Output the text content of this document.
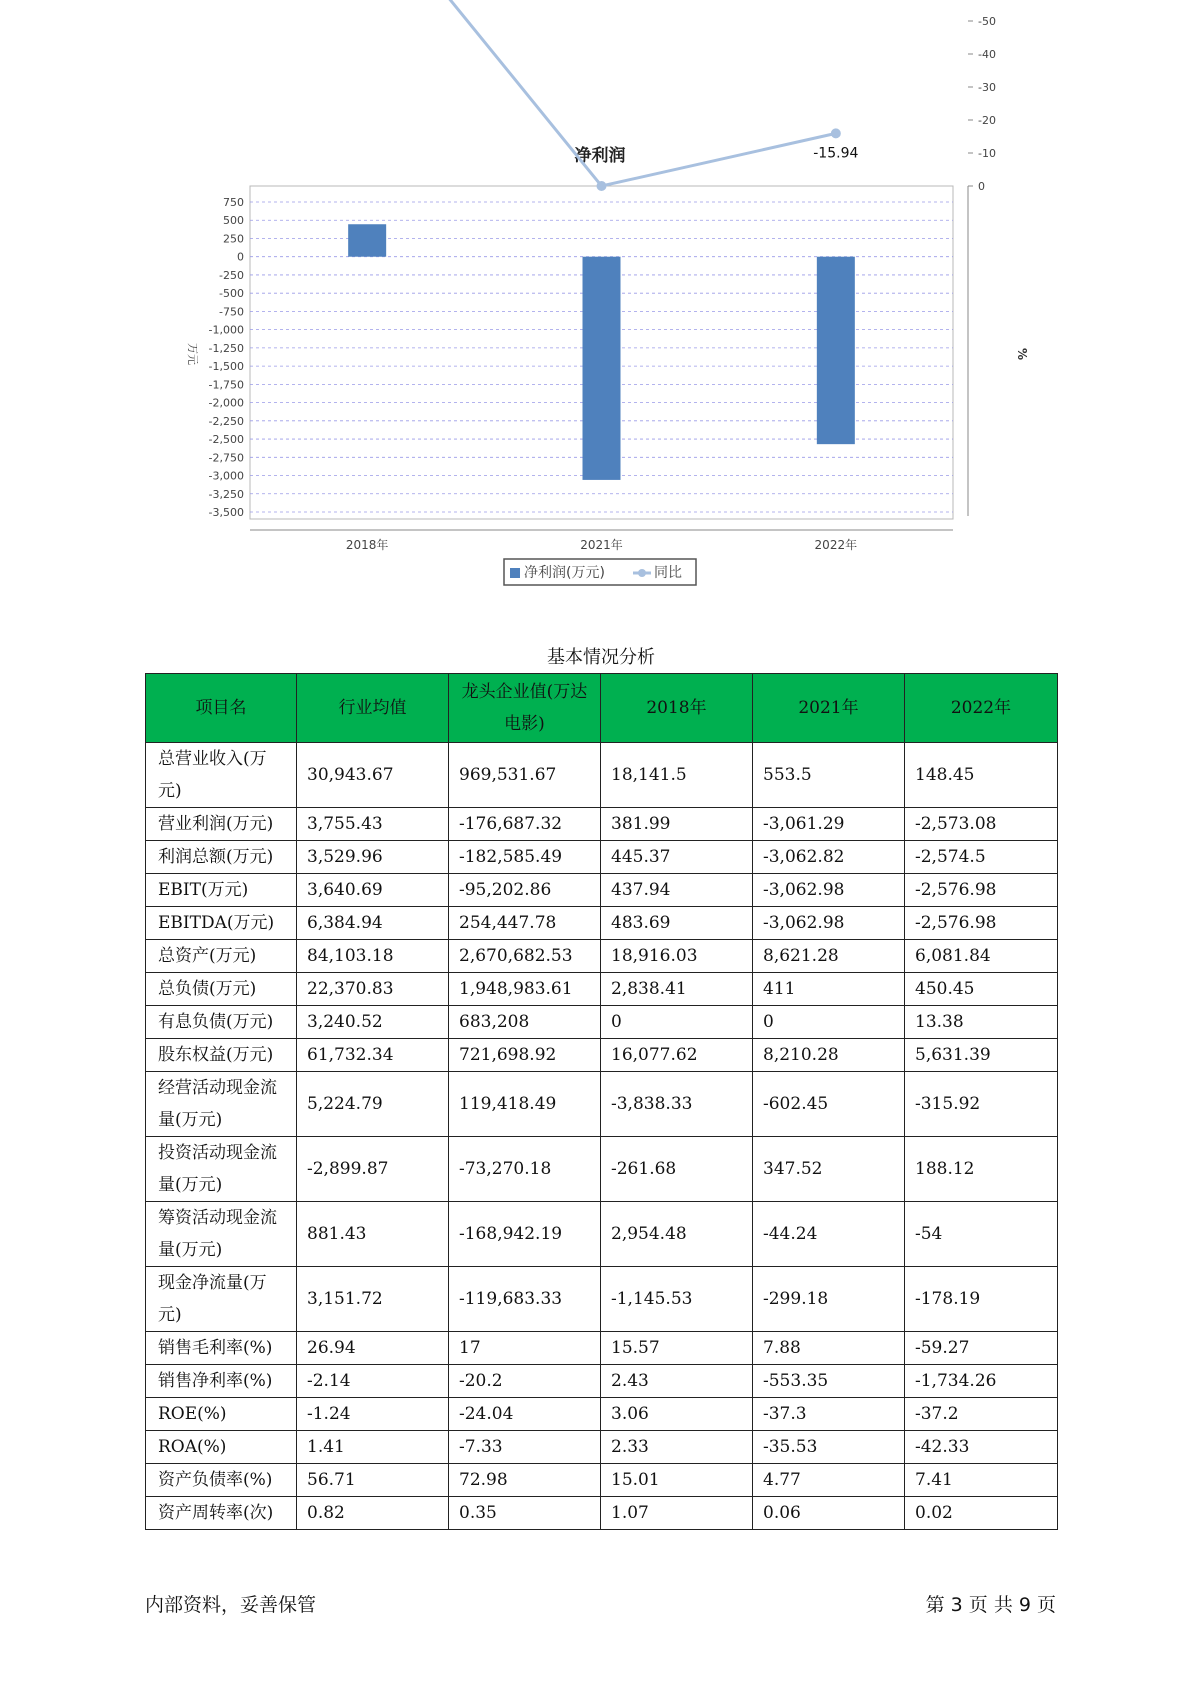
净利润
750
500
250
0
-250
-500
-750
-1,000
-1,250
-1,500
-1,750
-2,000
-2,250
-2,500
-2,750
-3,000
-3,250
-3,500
万元
0
-10
-20
-30
-40
-50
%
2018年	2021年	2022年
-15.94
净利润(万元)	同比
基本情况分析
项目名	行业均值	龙头企业值(万达电影)	2018年	2021年	2022年
总营业收入(万元)	30,943.67	969,531.67	18,141.5	553.5	148.45
营业利润(万元)	3,755.43	-176,687.32	381.99	-3,061.29	-2,573.08
利润总额(万元)	3,529.96	-182,585.49	445.37	-3,062.82	-2,574.5
EBIT(万元)	3,640.69	-95,202.86	437.94	-3,062.98	-2,576.98
EBITDA(万元)	6,384.94	254,447.78	483.69	-3,062.98	-2,576.98
总资产(万元)	84,103.18	2,670,682.53	18,916.03	8,621.28	6,081.84
总负债(万元)	22,370.83	1,948,983.61	2,838.41	411	450.45
有息负债(万元)	3,240.52	683,208	0	0	13.38
股东权益(万元)	61,732.34	721,698.92	16,077.62	8,210.28	5,631.39
经营活动现金流量(万元)	5,224.79	119,418.49	-3,838.33	-602.45	-315.92
投资活动现金流量(万元)	-2,899.87	-73,270.18	-261.68	347.52	188.12
筹资活动现金流量(万元)	881.43	-168,942.19	2,954.48	-44.24	-54
现金净流量(万元)	3,151.72	-119,683.33	-1,145.53	-299.18	-178.19
销售毛利率(%)	26.94	17	15.57	7.88	-59.27
销售净利率(%)	-2.14	-20.2	2.43	-553.35	-1,734.26
ROE(%)	-1.24	-24.04	3.06	-37.3	-37.2
ROA(%)	1.41	-7.33	2.33	-35.53	-42.33
资产负债率(%)	56.71	72.98	15.01	4.77	7.41
资产周转率(次)	0.82	0.35	1.07	0.06	0.02
内部资料，妥善保管	第 3 页 共 9 页
